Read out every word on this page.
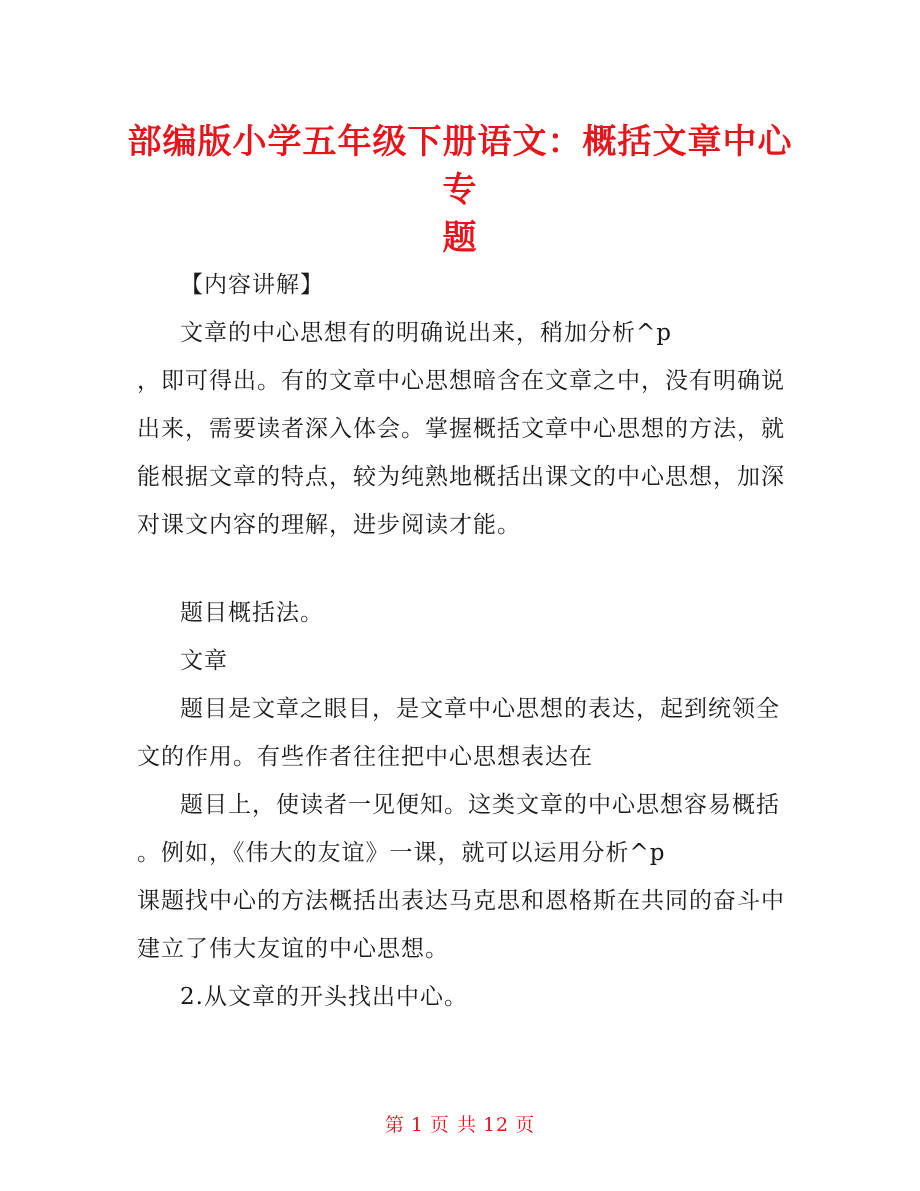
部编版小学五年级下册语文：概括文章中心专
题
【内容讲解】
文章的中心思想有的明确说出来，稍加分析^p
，即可得出。有的文章中心思想暗含在文章之中，没有明确说
出来，需要读者深入体会。掌握概括文章中心思想的方法，就
能根据文章的特点，较为纯熟地概括出课文的中心思想，加深
对课文内容的理解，进步阅读才能。
题目概括法。
文章
题目是文章之眼目，是文章中心思想的表达，起到统领全
文的作用。有些作者往往把中心思想表达在
题目上，使读者一见便知。这类文章的中心思想容易概括
。例如，《伟大的友谊》一课，就可以运用分析^p
课题找中心的方法概括出表达马克思和恩格斯在共同的奋斗中
建立了伟大友谊的中心思想。
2.从文章的开头找出中心。
第 1 页 共 12 页
